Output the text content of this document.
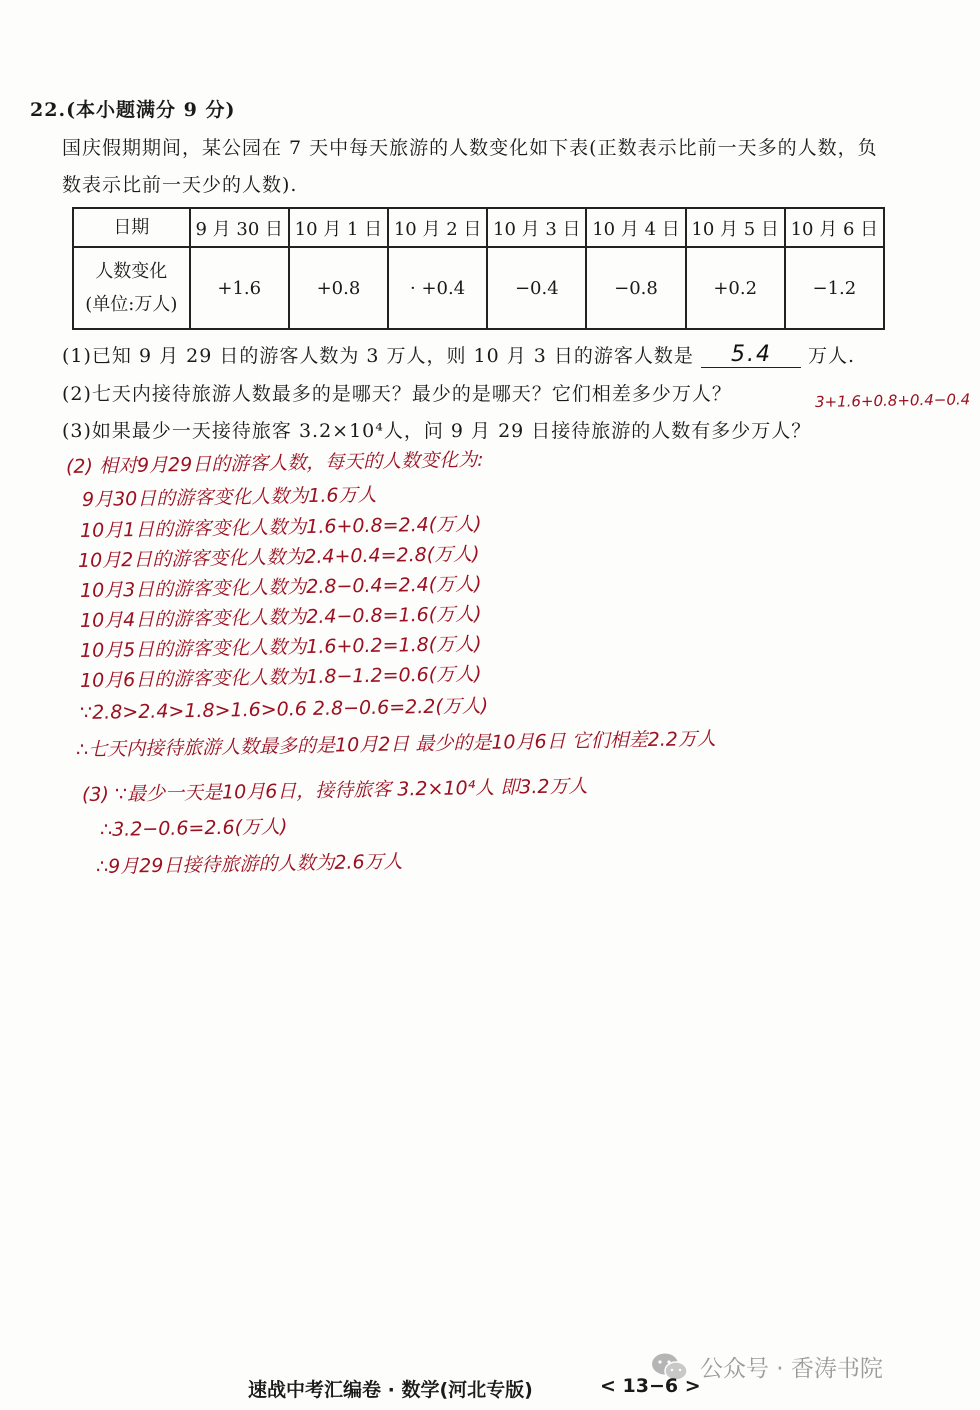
22.(本小题满分 9 分)
国庆假期期间，某公园在 7 天中每天旅游的人数变化如下表(正数表示比前一天多的人数，负
数表示比前一天少的人数).
日期	9 月 30 日	10 月 1 日	10 月 2 日	10 月 3 日	10 月 4 日	10 月 5 日	10 月 6 日

人数变化
(单位:万人)	+1.6	+0.8	· +0.4	−0.4	−0.8	+0.2	−1.2
(1)已知 9 月 29 日的游客人数为 3 万人，则 10 月 3 日的游客人数是 5.4 万人.
(2)七天内接待旅游人数最多的是哪天？最少的是哪天？它们相差多少万人？
(3)如果最少一天接待旅客 3.2×10⁴人，问 9 月 29 日接待旅游的人数有多少万人？
3+1.6+0.8+0.4−0.4
(2) 相对9月29日的游客人数，每天的人数变化为:
9月30日的游客变化人数为1.6万人
10月1日的游客变化人数为1.6+0.8=2.4(万人)
10月2日的游客变化人数为2.4+0.4=2.8(万人)
10月3日的游客变化人数为2.8−0.4=2.4(万人)
10月4日的游客变化人数为2.4−0.8=1.6(万人)
10月5日的游客变化人数为1.6+0.2=1.8(万人)
10月6日的游客变化人数为1.8−1.2=0.6(万人)
∵2.8>2.4>1.8>1.6>0.6 2.8−0.6=2.2(万人)
∴七天内接待旅游人数最多的是10月2日 最少的是10月6日 它们相差2.2万人
(3) ∵最少一天是10月6日，接待旅客 3.2×10⁴人 即3.2万人
∴3.2−0.6=2.6(万人)
∴9月29日接待旅游的人数为2.6万人
公众号 · 香涛书院
速战中考汇编卷 · 数学(河北专版)	< 13−6 >
